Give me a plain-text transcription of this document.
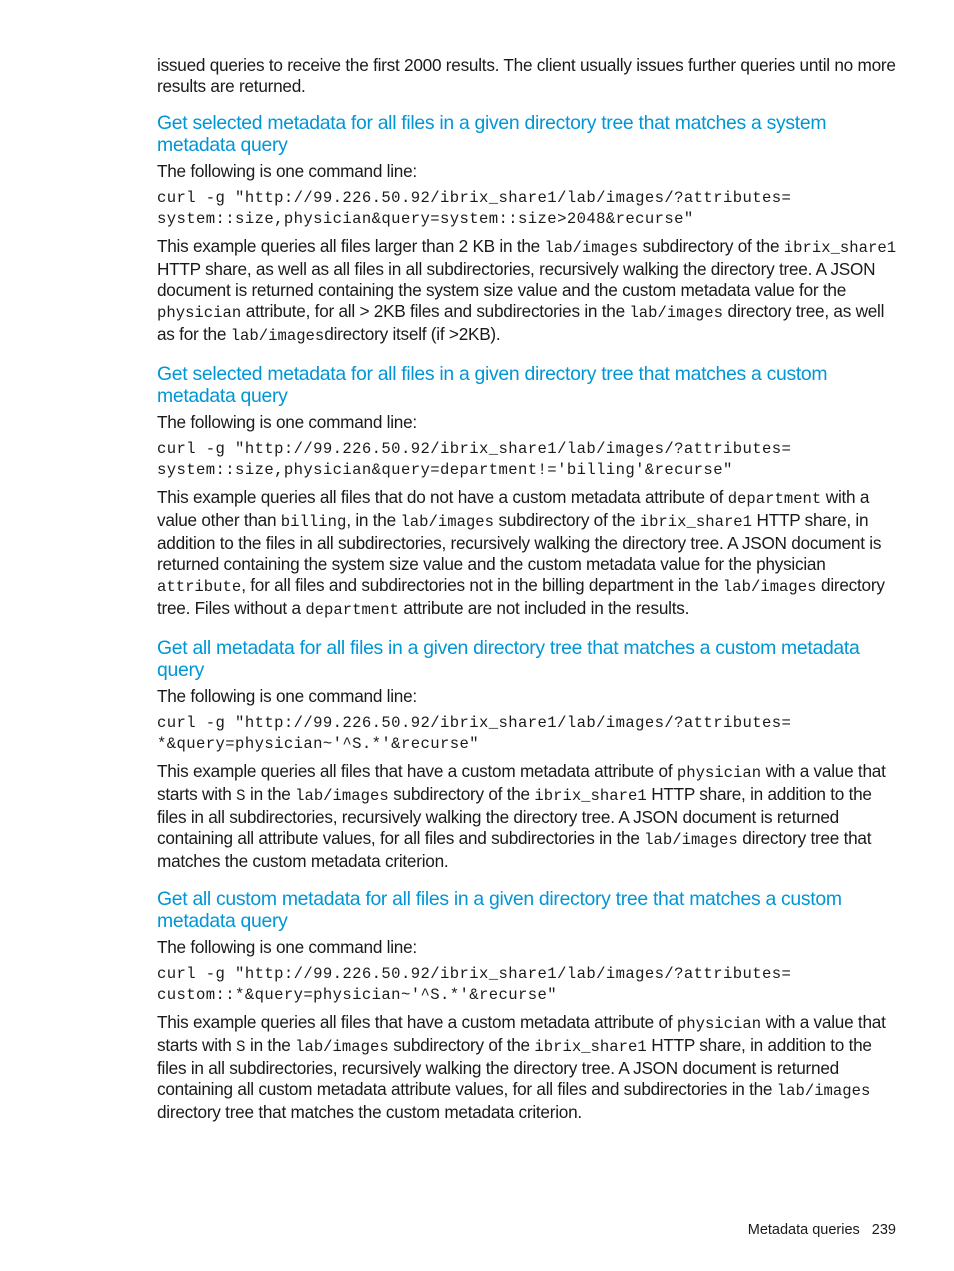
issued queries to receive the first 2000 results. The client usually issues further queries until no more results are returned.

Get selected metadata for all files in a given directory tree that matches a system metadata query

The following is one command line:

curl -g "http://99.226.50.92/ibrix_share1/lab/images/?attributes=
system::size,physician&query=system::size>2048&recurse"

This example queries all files larger than 2 KB in the lab/images subdirectory of the ibrix_share1 HTTP share, as well as all files in all subdirectories, recursively walking the directory tree. A JSON document is returned containing the system size value and the custom metadata value for the physician attribute, for all > 2KB files and subdirectories in the lab/images directory tree, as well as for the lab/imagesdirectory itself (if >2KB).

Get selected metadata for all files in a given directory tree that matches a custom metadata query

The following is one command line:

curl -g "http://99.226.50.92/ibrix_share1/lab/images/?attributes=
system::size,physician&query=department!='billing'&recurse"

This example queries all files that do not have a custom metadata attribute of department with a value other than billing, in the lab/images subdirectory of the ibrix_share1 HTTP share, in addition to the files in all subdirectories, recursively walking the directory tree. A JSON document is returned containing the system size value and the custom metadata value for the physician attribute, for all files and subdirectories not in the billing department in the lab/images directory tree. Files without a department attribute are not included in the results.

Get all metadata for all files in a given directory tree that matches a custom metadata query

The following is one command line:

curl -g "http://99.226.50.92/ibrix_share1/lab/images/?attributes=
*&query=physician~'^S.*'&recurse"

This example queries all files that have a custom metadata attribute of physician with a value that starts with S in the lab/images subdirectory of the ibrix_share1 HTTP share, in addition to the files in all subdirectories, recursively walking the directory tree. A JSON document is returned containing all attribute values, for all files and subdirectories in the lab/images directory tree that matches the custom metadata criterion.

Get all custom metadata for all files in a given directory tree that matches a custom metadata query

The following is one command line:

curl -g "http://99.226.50.92/ibrix_share1/lab/images/?attributes=
custom::*&query=physician~'^S.*'&recurse"

This example queries all files that have a custom metadata attribute of physician with a value that starts with S in the lab/images subdirectory of the ibrix_share1 HTTP share, in addition to the files in all subdirectories, recursively walking the directory tree. A JSON document is returned containing all custom metadata attribute values, for all files and subdirectories in the lab/images directory tree that matches the custom metadata criterion.

Metadata queries 239
